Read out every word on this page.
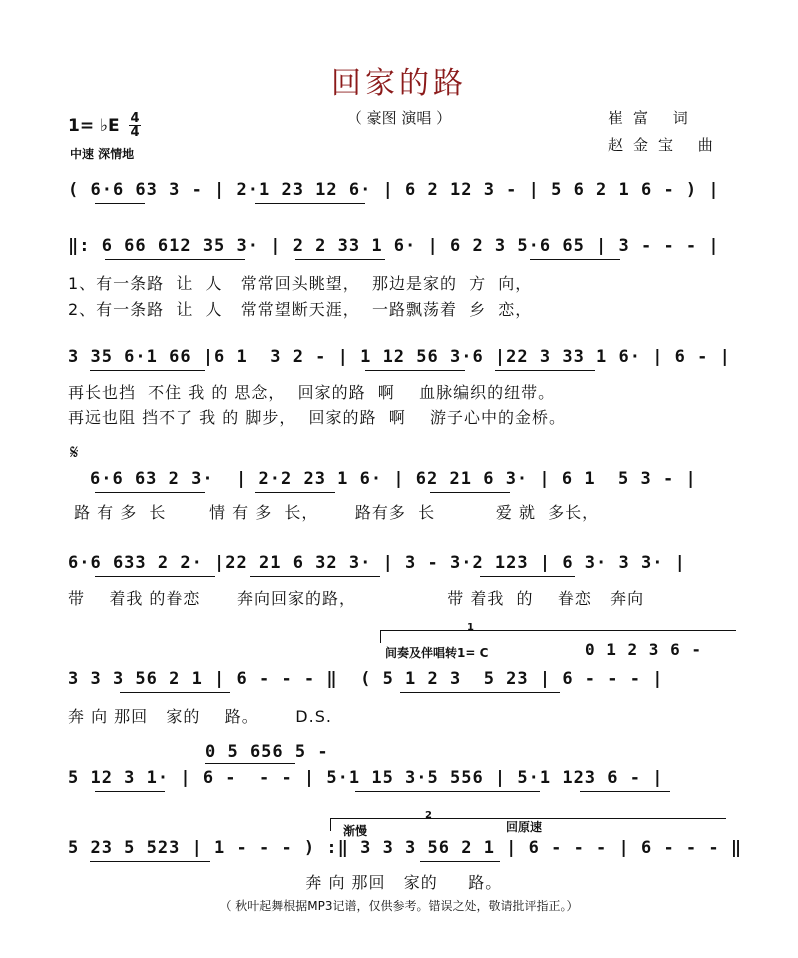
回家的路
（ 豪图 演唱 ）	崔富 词
赵金宝 曲
1= ♭E 4
4
中速 深情地
( 6·6 63 3 - | 2·1 23 12 6· | 6 2 12 3 - | 5 6 2 1 6 - ) |
‖: 6 66 612 35 3· | 2 2 33 1 6· | 6 2 3 5·6 65 | 3 - - - |
1、有一条路  让  人   常常回头眺望，  那边是家的  方  向，
2、有一条路  让  人   常常望断天涯，  一路飘荡着  乡  恋，
3 35 6·1 66 |6 1  3 2 - | 1 12 56 3·6 |22 3 33 1 6· | 6 - |
再长也挡  不住 我 的 思念，  回家的路  啊    血脉编织的纽带。
再远也阻 挡不了 我 的 脚步，  回家的路  啊    游子心中的金桥。
𝄋
6·6 63 2 3·  | 2·2 23 1 6· | 62 21 6 3· | 6 1  5 3 - |
路 有 多  长       情 有 多  长，      路有多  长          爱 就  多长，
6·6 633 2 2· |22 21 6 32 3· | 3 - 3·2 123 | 6 3· 3 3· |
带    着我 的眷恋      奔向回家的路，               带 着我  的    眷恋   奔向
1
间奏及伴唱转1= C	0 1 2 3 6 -
3 3 3 56 2 1 | 6 - - - ‖  ( 5 1 2 3  5 23 | 6 - - - |
奔 向 那回   家的    路。      D.S.
0 5 656 5 -
5 12 3 1· | 6 -  - - | 5·1 15 3·5 556 | 5·1 123 6 - |
2
渐慢	回原速
5 23 5 523 | 1 - - - ) :‖ 3 3 3 56 2 1 | 6 - - - | 6 - - - ‖
奔 向 那回   家的     路。
（ 秋叶起舞根据MP3记谱，仅供参考。错误之处，敬请批评指正。）
